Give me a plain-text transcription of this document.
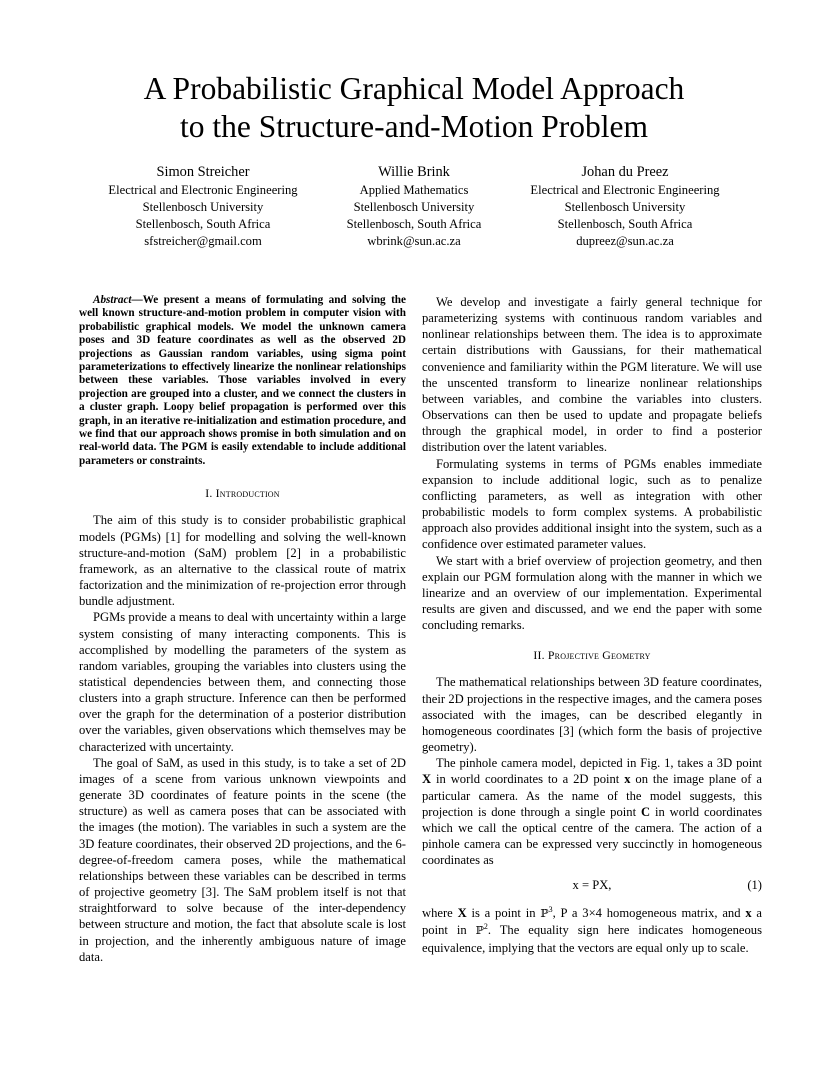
A Probabilistic Graphical Model Approach
to the Structure-and-Motion Problem
Simon Streicher
Electrical and Electronic Engineering
Stellenbosch University
Stellenbosch, South Africa
sfstreicher@gmail.com
Willie Brink
Applied Mathematics
Stellenbosch University
Stellenbosch, South Africa
wbrink@sun.ac.za
Johan du Preez
Electrical and Electronic Engineering
Stellenbosch University
Stellenbosch, South Africa
dupreez@sun.ac.za

Abstract—We present a means of formulating and solving the well known structure-and-motion problem in computer vision with probabilistic graphical models. We model the unknown camera poses and 3D feature coordinates as well as the observed 2D projections as Gaussian random variables, using sigma point parameterizations to effectively linearize the nonlinear relationships between these variables. Those variables involved in every projection are grouped into a cluster, and we connect the clusters in a cluster graph. Loopy belief propagation is performed over this graph, in an iterative re-initialization and estimation procedure, and we find that our approach shows promise in both simulation and on real-world data. The PGM is easily extendable to include additional parameters or constraints.

I. Introduction

The aim of this study is to consider probabilistic graphical models (PGMs) [1] for modelling and solving the well-known structure-and-motion (SaM) problem [2] in a probabilistic framework, as an alternative to the classical route of matrix factorization and the minimization of re-projection error through bundle adjustment.

PGMs provide a means to deal with uncertainty within a large system consisting of many interacting components. This is accomplished by modelling the parameters of the system as random variables, grouping the variables into clusters using the statistical dependencies between them, and connecting those clusters into a graph structure. Inference can then be performed over the graph for the determination of a posterior distribution over the variables, given observations which themselves may be characterized with uncertainty.

The goal of SaM, as used in this study, is to take a set of 2D images of a scene from various unknown viewpoints and generate 3D coordinates of feature points in the scene (the structure) as well as camera poses that can be associated with the images (the motion). The variables in such a system are the 3D feature coordinates, their observed 2D projections, and the 6-degree-of-freedom camera poses, while the mathematical relationships between these variables can be described in terms of projective geometry [3]. The SaM problem itself is not that straightforward to solve because of the inter-dependency between structure and motion, the fact that absolute scale is lost in projection, and the inherently ambiguous nature of image data.

We develop and investigate a fairly general technique for parameterizing systems with continuous random variables and nonlinear relationships between them. The idea is to approximate certain distributions with Gaussians, for their mathematical convenience and familiarity within the PGM literature. We will use the unscented transform to linearize nonlinear relationships between variables, and combine the variables into clusters. Observations can then be used to update and propagate beliefs through the graphical model, in order to find a posterior distribution over the latent variables.

Formulating systems in terms of PGMs enables immediate expansion to include additional logic, such as to penalize conflicting parameters, as well as integration with other probabilistic models to form complex systems. A probabilistic approach also provides additional insight into the system, such as a confidence over estimated parameter values.

We start with a brief overview of projection geometry, and then explain our PGM formulation along with the manner in which we linearize and an overview of our implementation. Experimental results are given and discussed, and we end the paper with some concluding remarks.

II. Projective Geometry

The mathematical relationships between 3D feature coordinates, their 2D projections in the respective images, and the camera poses associated with the images, can be described elegantly in homogeneous coordinates [3] (which form the basis of projective geometry).

The pinhole camera model, depicted in Fig. 1, takes a 3D point X in world coordinates to a 2D point x on the image plane of a particular camera. As the name of the model suggests, this projection is done through a single point C in world coordinates which we call the optical centre of the camera. The action of a pinhole camera can be expressed very succinctly in homogeneous coordinates as

x = PX,	(1)

where X is a point in ℙ$^3$, P a 3×4 homogeneous matrix, and x a point in ℙ$^2$. The equality sign here indicates homogeneous equivalence, implying that the vectors are equal only up to scale.
